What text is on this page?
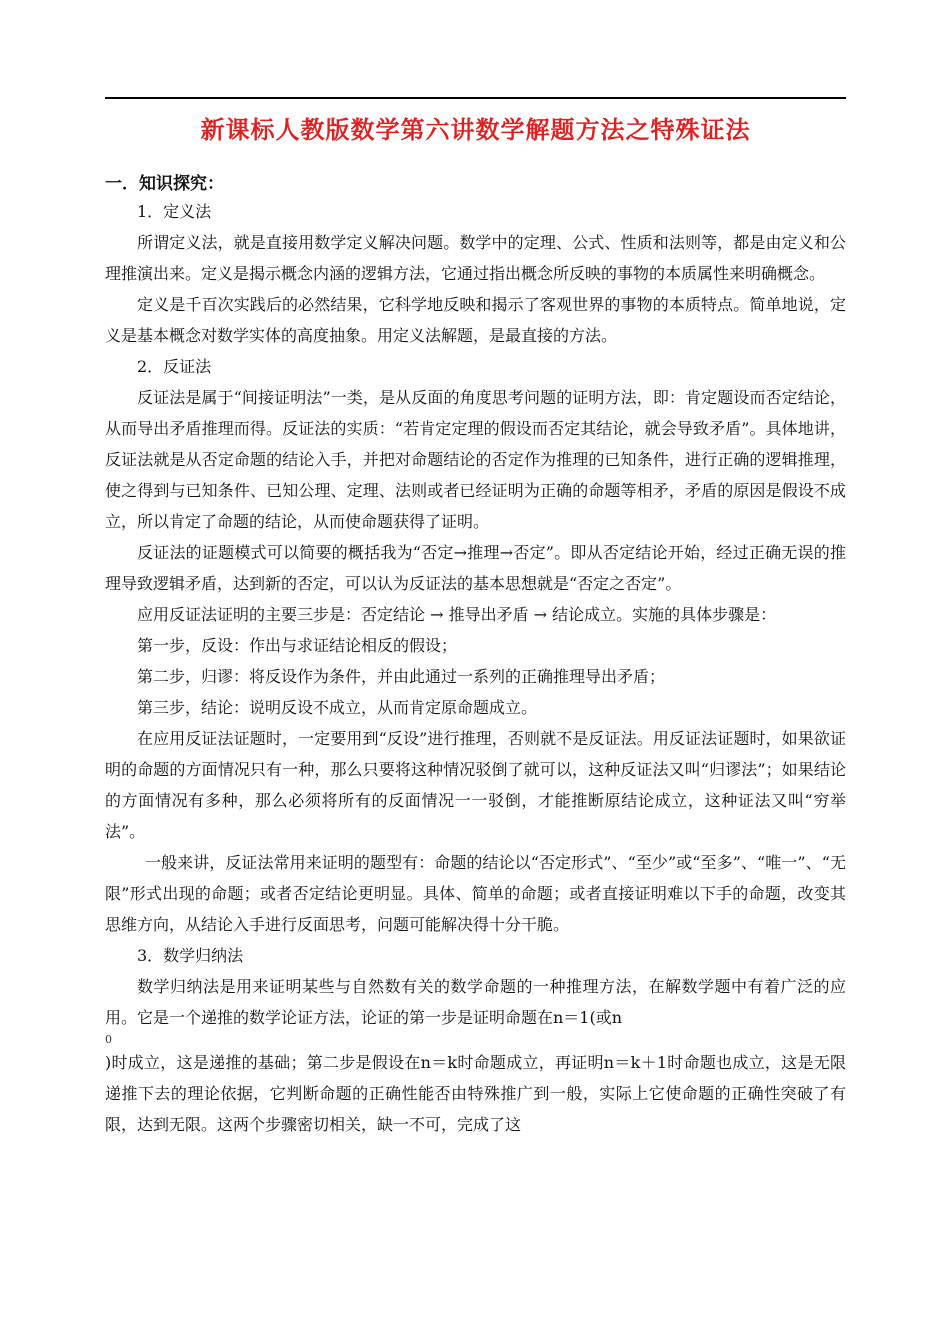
新课标人教版数学第六讲数学解题方法之特殊证法
一．知识探究：

1．定义法

所谓定义法，就是直接用数学定义解决问题。数学中的定理、公式、性质和法则等，都是由定义和公理推演出来。定义是揭示概念内涵的逻辑方法，它通过指出概念所反映的事物的本质属性来明确概念。

定义是千百次实践后的必然结果，它科学地反映和揭示了客观世界的事物的本质特点。简单地说，定义是基本概念对数学实体的高度抽象。用定义法解题，是最直接的方法。

2．反证法

反证法是属于“间接证明法”一类，是从反面的角度思考问题的证明方法，即：肯定题设而否定结论，从而导出矛盾推理而得。反证法的实质：“若肯定定理的假设而否定其结论，就会导致矛盾”。具体地讲，反证法就是从否定命题的结论入手，并把对命题结论的否定作为推理的已知条件，进行正确的逻辑推理，使之得到与已知条件、已知公理、定理、法则或者已经证明为正确的命题等相矛，矛盾的原因是假设不成立，所以肯定了命题的结论，从而使命题获得了证明。

反证法的证题模式可以简要的概括我为“否定→推理→否定”。即从否定结论开始，经过正确无误的推理导致逻辑矛盾，达到新的否定，可以认为反证法的基本思想就是“否定之否定”。

应用反证法证明的主要三步是：否定结论 → 推导出矛盾 → 结论成立。实施的具体步骤是：

第一步，反设：作出与求证结论相反的假设；

第二步，归谬：将反设作为条件，并由此通过一系列的正确推理导出矛盾；

第三步，结论：说明反设不成立，从而肯定原命题成立。

在应用反证法证题时，一定要用到“反设”进行推理，否则就不是反证法。用反证法证题时，如果欲证明的命题的方面情况只有一种，那么只要将这种情况驳倒了就可以，这种反证法又叫“归谬法”；如果结论的方面情况有多种，那么必须将所有的反面情况一一驳倒，才能推断原结论成立，这种证法又叫“穷举法”。

一般来讲，反证法常用来证明的题型有：命题的结论以“否定形式”、“至少”或“至多”、“唯一”、“无限”形式出现的命题；或者否定结论更明显。具体、简单的命题；或者直接证明难以下手的命题，改变其思维方向，从结论入手进行反面思考，问题可能解决得十分干脆。

3．数学归纳法

数学归纳法是用来证明某些与自然数有关的数学命题的一种推理方法，在解数学题中有着广泛的应用。它是一个递推的数学论证方法，论证的第一步是证明命题在n＝1(或n

0

)时成立，这是递推的基础；第二步是假设在n＝k时命题成立，再证明n＝k＋1时命题也成立，这是无限递推下去的理论依据，它判断命题的正确性能否由特殊推广到一般，实际上它使命题的正确性突破了有限，达到无限。这两个步骤密切相关，缺一不可，完成了这
